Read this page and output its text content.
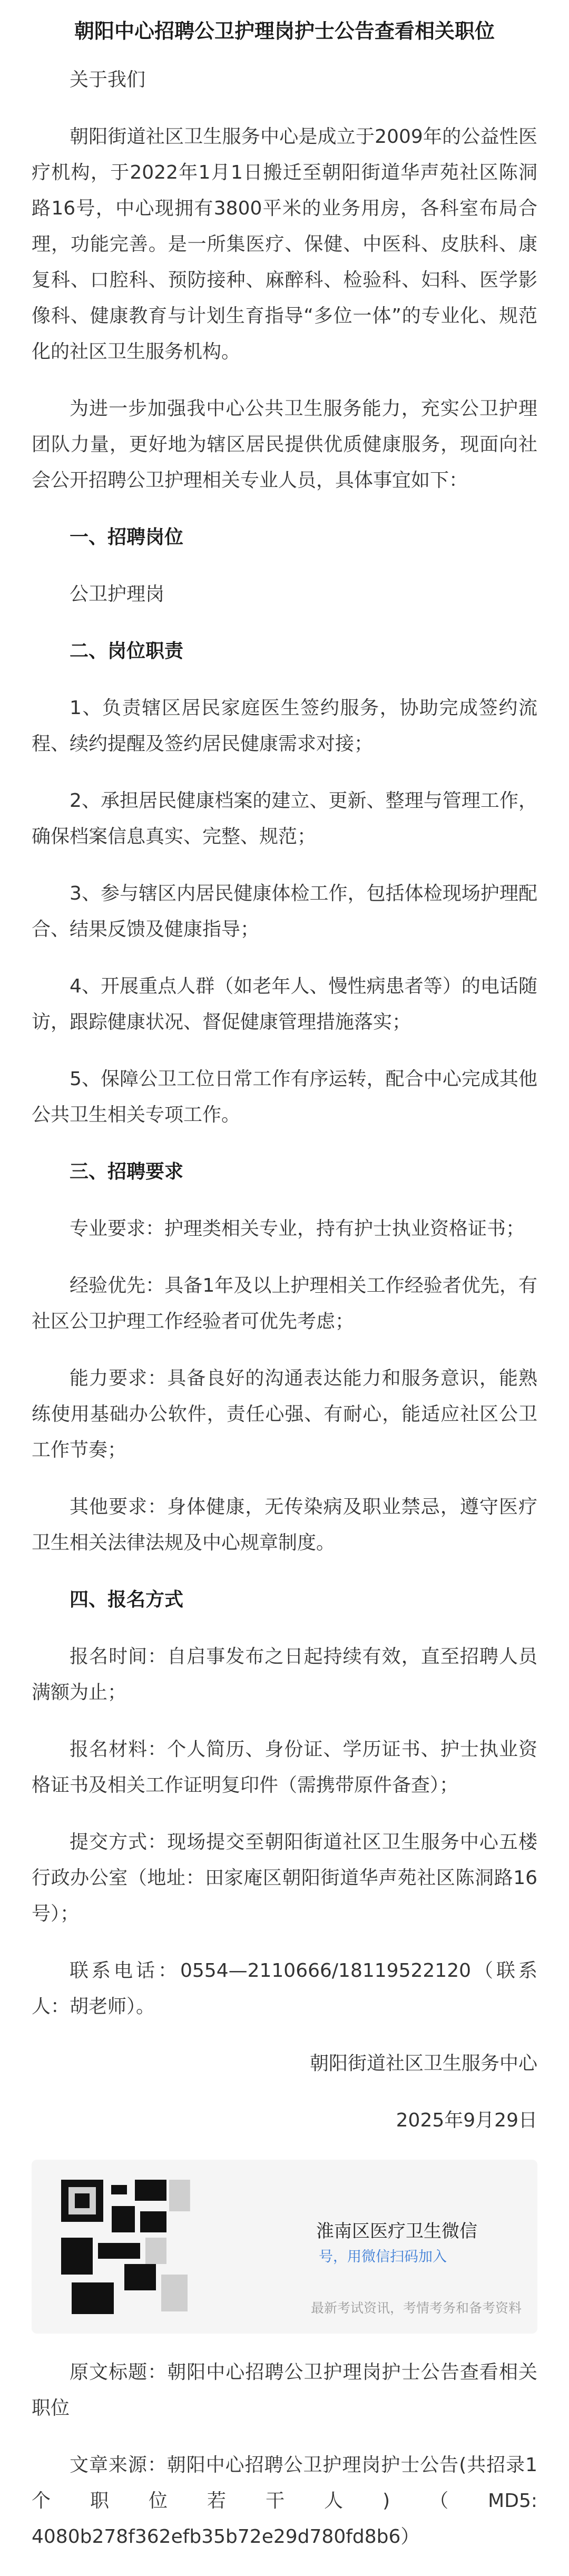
朝阳中心招聘公卫护理岗护士公告查看相关职位

关于我们

朝阳街道社区卫生服务中心是成立于2009年的公益性医疗机构，于2022年1月1日搬迁至朝阳街道华声苑社区陈洞路16号，中心现拥有3800平米的业务用房，各科室布局合理，功能完善。是一所集医疗、保健、中医科、皮肤科、康复科、口腔科、预防接种、麻醉科、检验科、妇科、医学影像科、健康教育与计划生育指导“多位一体”的专业化、规范化的社区卫生服务机构。

为进一步加强我中心公共卫生服务能力，充实公卫护理团队力量，更好地为辖区居民提供优质健康服务，现面向社会公开招聘公卫护理相关专业人员，具体事宜如下：

一、招聘岗位

公卫护理岗

二、岗位职责

1、负责辖区居民家庭医生签约服务，协助完成签约流程、续约提醒及签约居民健康需求对接；

2、承担居民健康档案的建立、更新、整理与管理工作，确保档案信息真实、完整、规范；

3、参与辖区内居民健康体检工作，包括体检现场护理配合、结果反馈及健康指导；

4、开展重点人群（如老年人、慢性病患者等）的电话随访，跟踪健康状况、督促健康管理措施落实；

5、保障公卫工位日常工作有序运转，配合中心完成其他公共卫生相关专项工作。

三、招聘要求

专业要求：护理类相关专业，持有护士执业资格证书；

经验优先：具备1年及以上护理相关工作经验者优先，有社区公卫护理工作经验者可优先考虑；

能力要求：具备良好的沟通表达能力和服务意识，能熟练使用基础办公软件，责任心强、有耐心，能适应社区公卫工作节奏；

其他要求：身体健康，无传染病及职业禁忌，遵守医疗卫生相关法律法规及中心规章制度。

四、报名方式

报名时间：自启事发布之日起持续有效，直至招聘人员满额为止；

报名材料：个人简历、身份证、学历证书、护士执业资格证书及相关工作证明复印件（需携带原件备查）；

提交方式：现场提交至朝阳街道社区卫生服务中心五楼行政办公室（地址：田家庵区朝阳街道华声苑社区陈洞路16号）；

联系电话：0554—2110666/18119522120（联系人：胡老师）。

朝阳街道社区卫生服务中心

2025年9月29日

淮南区医疗卫生微信
号，用微信扫码加入
最新考试资讯，考情考务和备考资料

原文标题：朝阳中心招聘公卫护理岗护士公告查看相关职位

文章来源：朝阳中心招聘公卫护理岗护士公告(共招录1个职位若干人)（MD5: 4080b278f362efb35b72e29d780fd8b6）
